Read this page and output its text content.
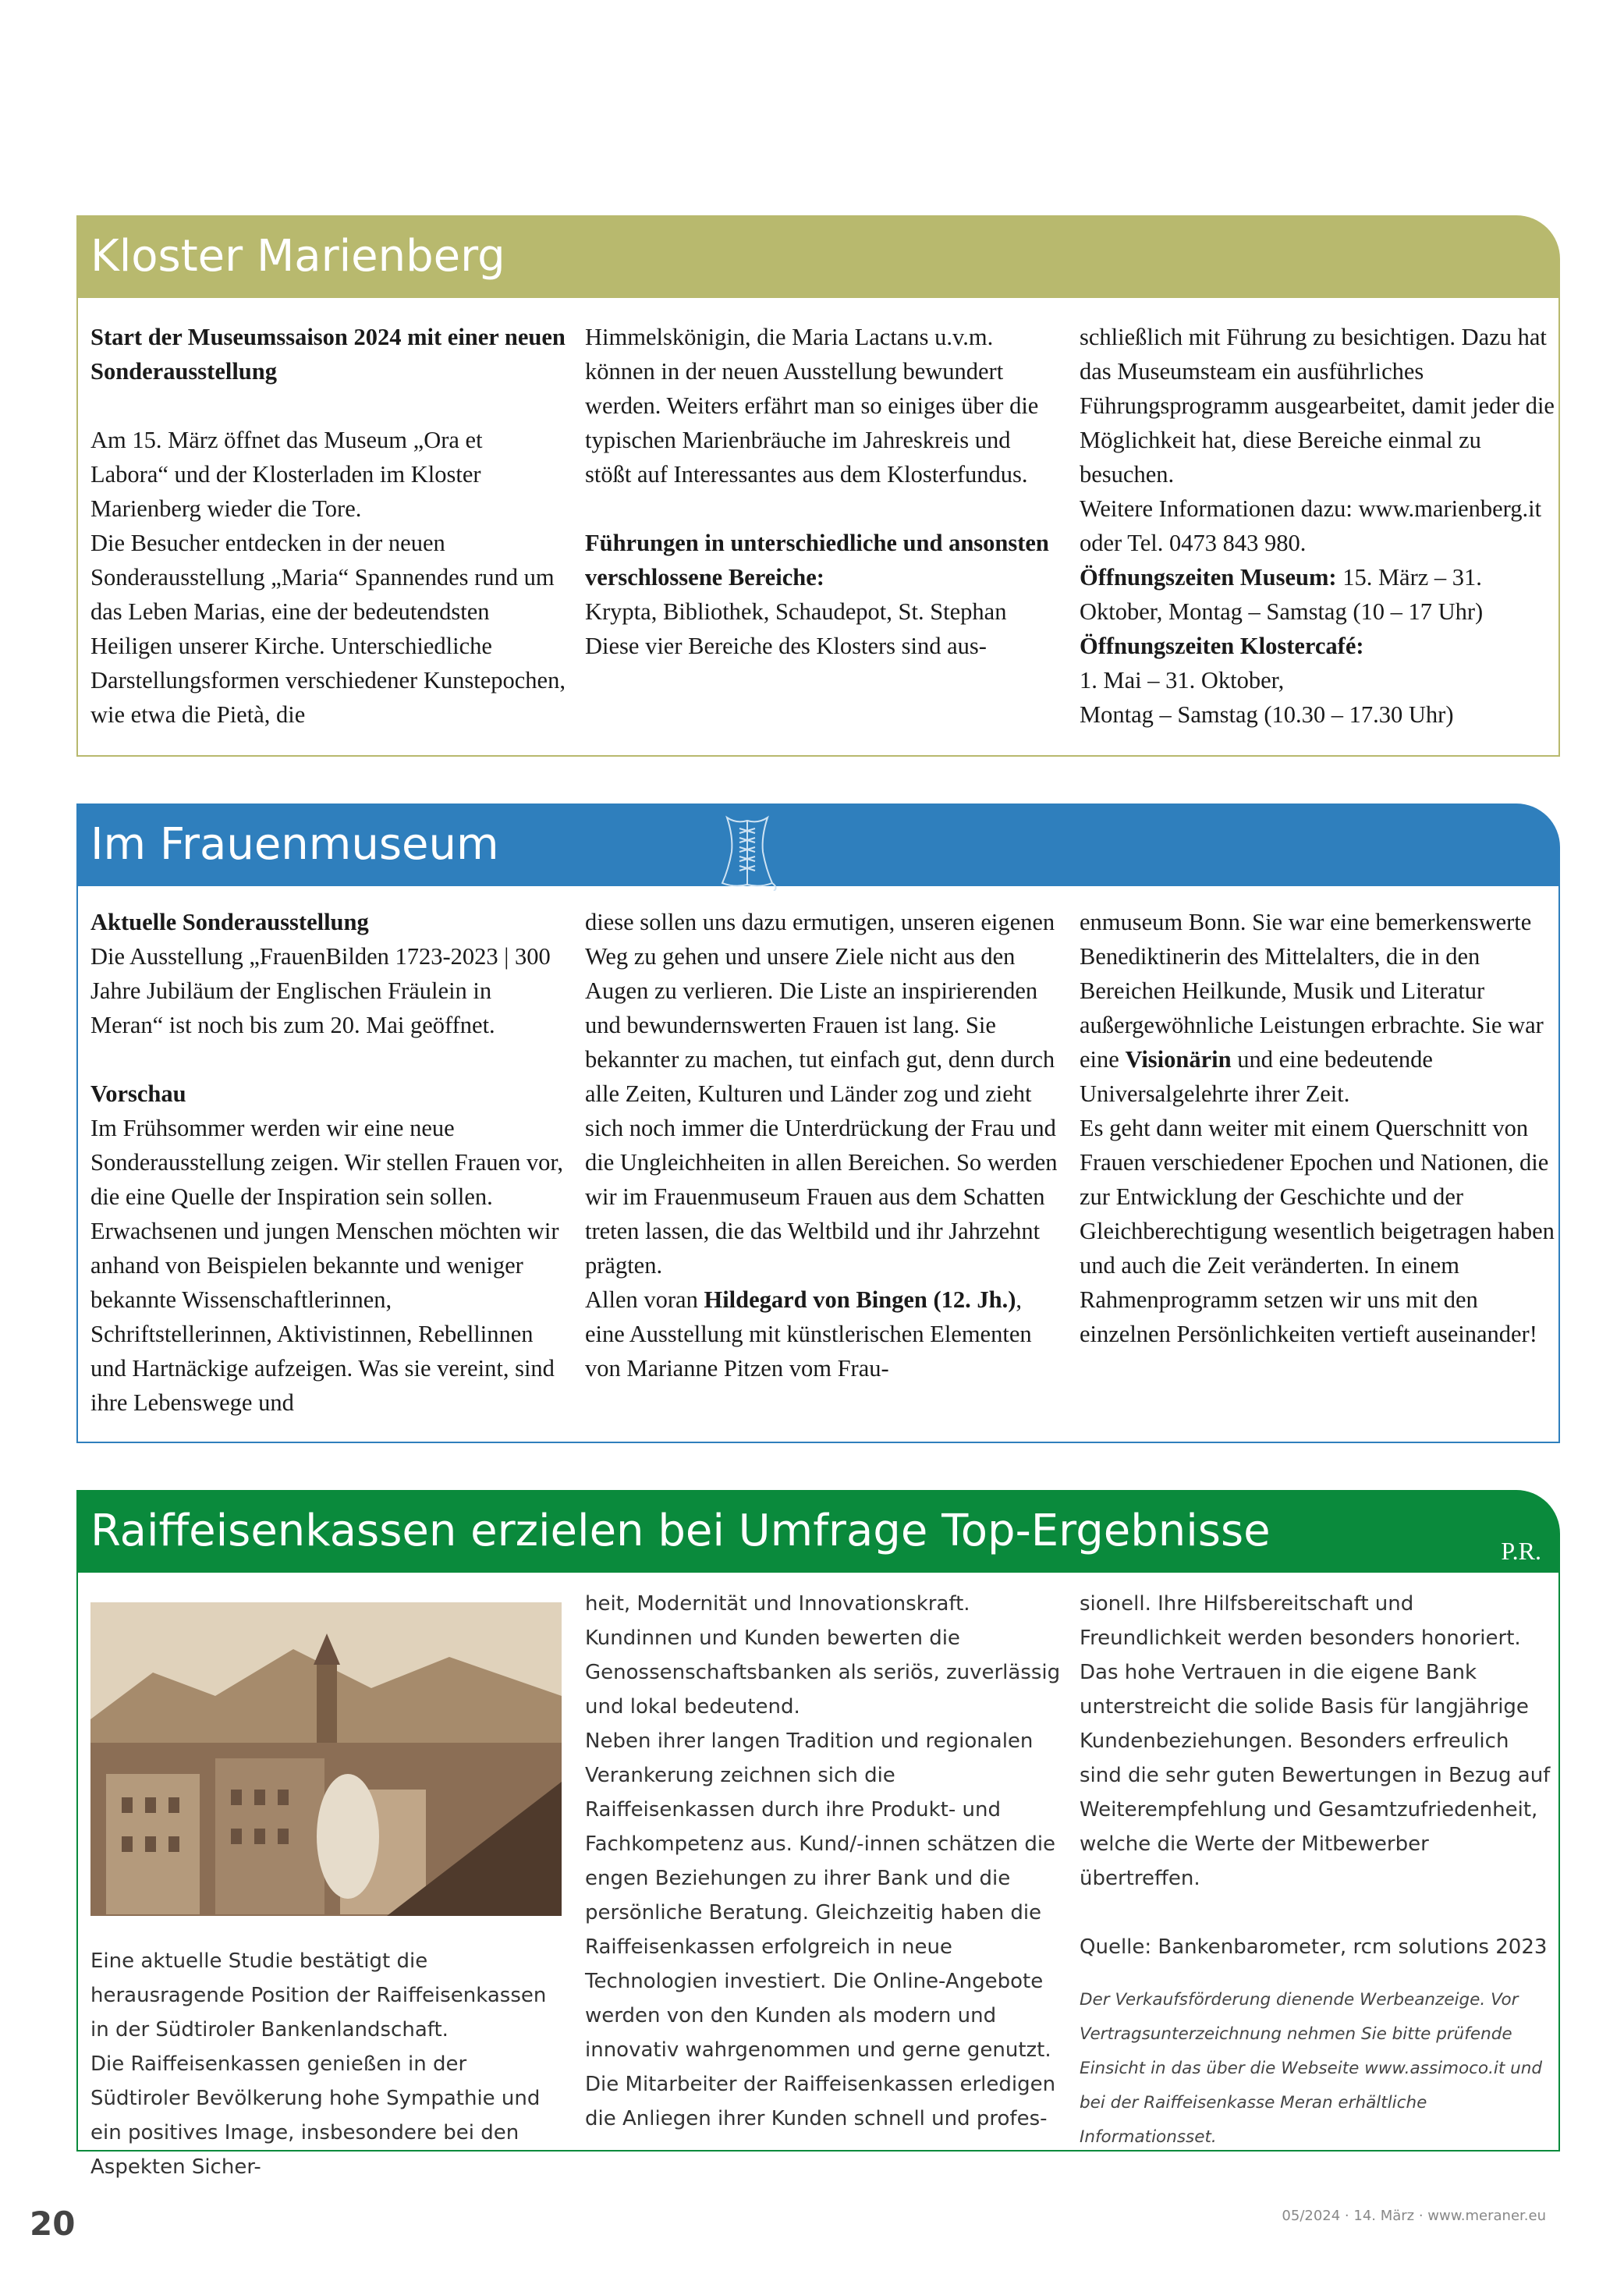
Kloster Marienberg

Start der Museumssaison 2024 mit einer neuen Sonderausstellung

Am 15. März öffnet das Museum „Ora et Labora“ und der Klosterladen im Kloster Marienberg wieder die Tore.

Die Besucher entdecken in der neuen Sonderausstellung „Maria“ Spannendes rund um das Leben Marias, eine der bedeutendsten Heiligen unserer Kirche. Unterschiedliche Darstellungsformen verschiedener Kunstepochen, wie etwa die Pietà, die

Himmelskönigin, die Maria Lactans u.v.m. können in der neuen Ausstellung bewundert werden. Weiters erfährt man so einiges über die typischen Marienbräuche im Jahreskreis und stößt auf Interessantes aus dem Klosterfundus.

Führungen in unterschiedliche und ansonsten verschlossene Bereiche:

Krypta, Bibliothek, Schaudepot, St. Stephan

Diese vier Bereiche des Klosters sind aus-

schließlich mit Führung zu besichtigen. Dazu hat das Museumsteam ein ausführliches Führungsprogramm ausgearbeitet, damit jeder die Möglichkeit hat, diese Bereiche einmal zu besuchen.

Weitere Informationen dazu: www.marienberg.it oder Tel. 0473 843 980.

Öffnungszeiten Museum: 15. März – 31. Oktober, Montag – Samstag (10 – 17 Uhr)

Öffnungszeiten Klostercafé:

1. Mai – 31. Oktober,

Montag – Samstag (10.30 – 17.30 Uhr)

Im Frauenmuseum

Aktuelle Sonderausstellung

Die Ausstellung „FrauenBilden 1723-2023 | 300 Jahre Jubiläum der Englischen Fräulein in Meran“ ist noch bis zum 20. Mai geöffnet.

Vorschau

Im Frühsommer werden wir eine neue Sonderausstellung zeigen. Wir stellen Frauen vor, die eine Quelle der Inspiration sein sollen. Erwachsenen und jungen Menschen möchten wir anhand von Beispielen bekannte und weniger bekannte Wissenschaftlerinnen, Schriftstellerinnen, Aktivistinnen, Rebellinnen und Hartnäckige aufzeigen. Was sie vereint, sind ihre Lebenswege und

diese sollen uns dazu ermutigen, unseren eigenen Weg zu gehen und unsere Ziele nicht aus den Augen zu verlieren. Die Liste an inspirierenden und bewundernswerten Frauen ist lang. Sie bekannter zu machen, tut einfach gut, denn durch alle Zeiten, Kulturen und Länder zog und zieht sich noch immer die Unterdrückung der Frau und die Ungleichheiten in allen Bereichen. So werden wir im Frauenmuseum Frauen aus dem Schatten treten lassen, die das Weltbild und ihr Jahrzehnt prägten.

Allen voran Hildegard von Bingen (12. Jh.), eine Ausstellung mit künstlerischen Elementen von Marianne Pitzen vom Frau-

enmuseum Bonn. Sie war eine bemerkenswerte Benediktinerin des Mittelalters, die in den Bereichen Heilkunde, Musik und Literatur außergewöhnliche Leistungen erbrachte. Sie war eine Visionärin und eine bedeutende Universalgelehrte ihrer Zeit.

Es geht dann weiter mit einem Querschnitt von Frauen verschiedener Epochen und Nationen, die zur Entwicklung der Geschichte und der Gleichberechtigung wesentlich beigetragen haben und auch die Zeit veränderten. In einem Rahmenprogramm setzen wir uns mit den einzelnen Persönlichkeiten vertieft auseinander!

Raiffeisenkassen erzielen bei Umfrage Top-Ergebnisse	P.R.

Eine aktuelle Studie bestätigt die herausragende Position der Raiffeisenkassen in der Südtiroler Bankenlandschaft.

Die Raiffeisenkassen genießen in der Südtiroler Bevölkerung hohe Sympathie und ein positives Image, insbesondere bei den Aspekten Sicher-

heit, Modernität und Innovationskraft. Kundinnen und Kunden bewerten die Genossenschaftsbanken als seriös, zuverlässig und lokal bedeutend.

Neben ihrer langen Tradition und regionalen Verankerung zeichnen sich die Raiffeisenkassen durch ihre Produkt- und Fachkompetenz aus. Kund/-innen schätzen die engen Beziehungen zu ihrer Bank und die persönliche Beratung. Gleichzeitig haben die Raiffeisenkassen erfolgreich in neue Technologien investiert. Die Online-Angebote werden von den Kunden als modern und innovativ wahrgenommen und gerne genutzt.

Die Mitarbeiter der Raiffeisenkassen erledigen die Anliegen ihrer Kunden schnell und profes-

sionell. Ihre Hilfsbereitschaft und Freundlichkeit werden besonders honoriert. Das hohe Vertrauen in die eigene Bank unterstreicht die solide Basis für langjährige Kundenbeziehungen. Besonders erfreulich sind die sehr guten Bewertungen in Bezug auf Weiterempfehlung und Gesamtzufriedenheit, welche die Werte der Mitbewerber übertreffen.

Quelle: Bankenbarometer, rcm solutions 2023

Der Verkaufsförderung dienende Werbeanzeige. Vor Vertragsunterzeichnung nehmen Sie bitte prüfende Einsicht in das über die Webseite www.assimoco.it und bei der Raiffeisenkasse Meran erhältliche Informationsset.

20	05/2024 · 14. März · www.meraner.eu
